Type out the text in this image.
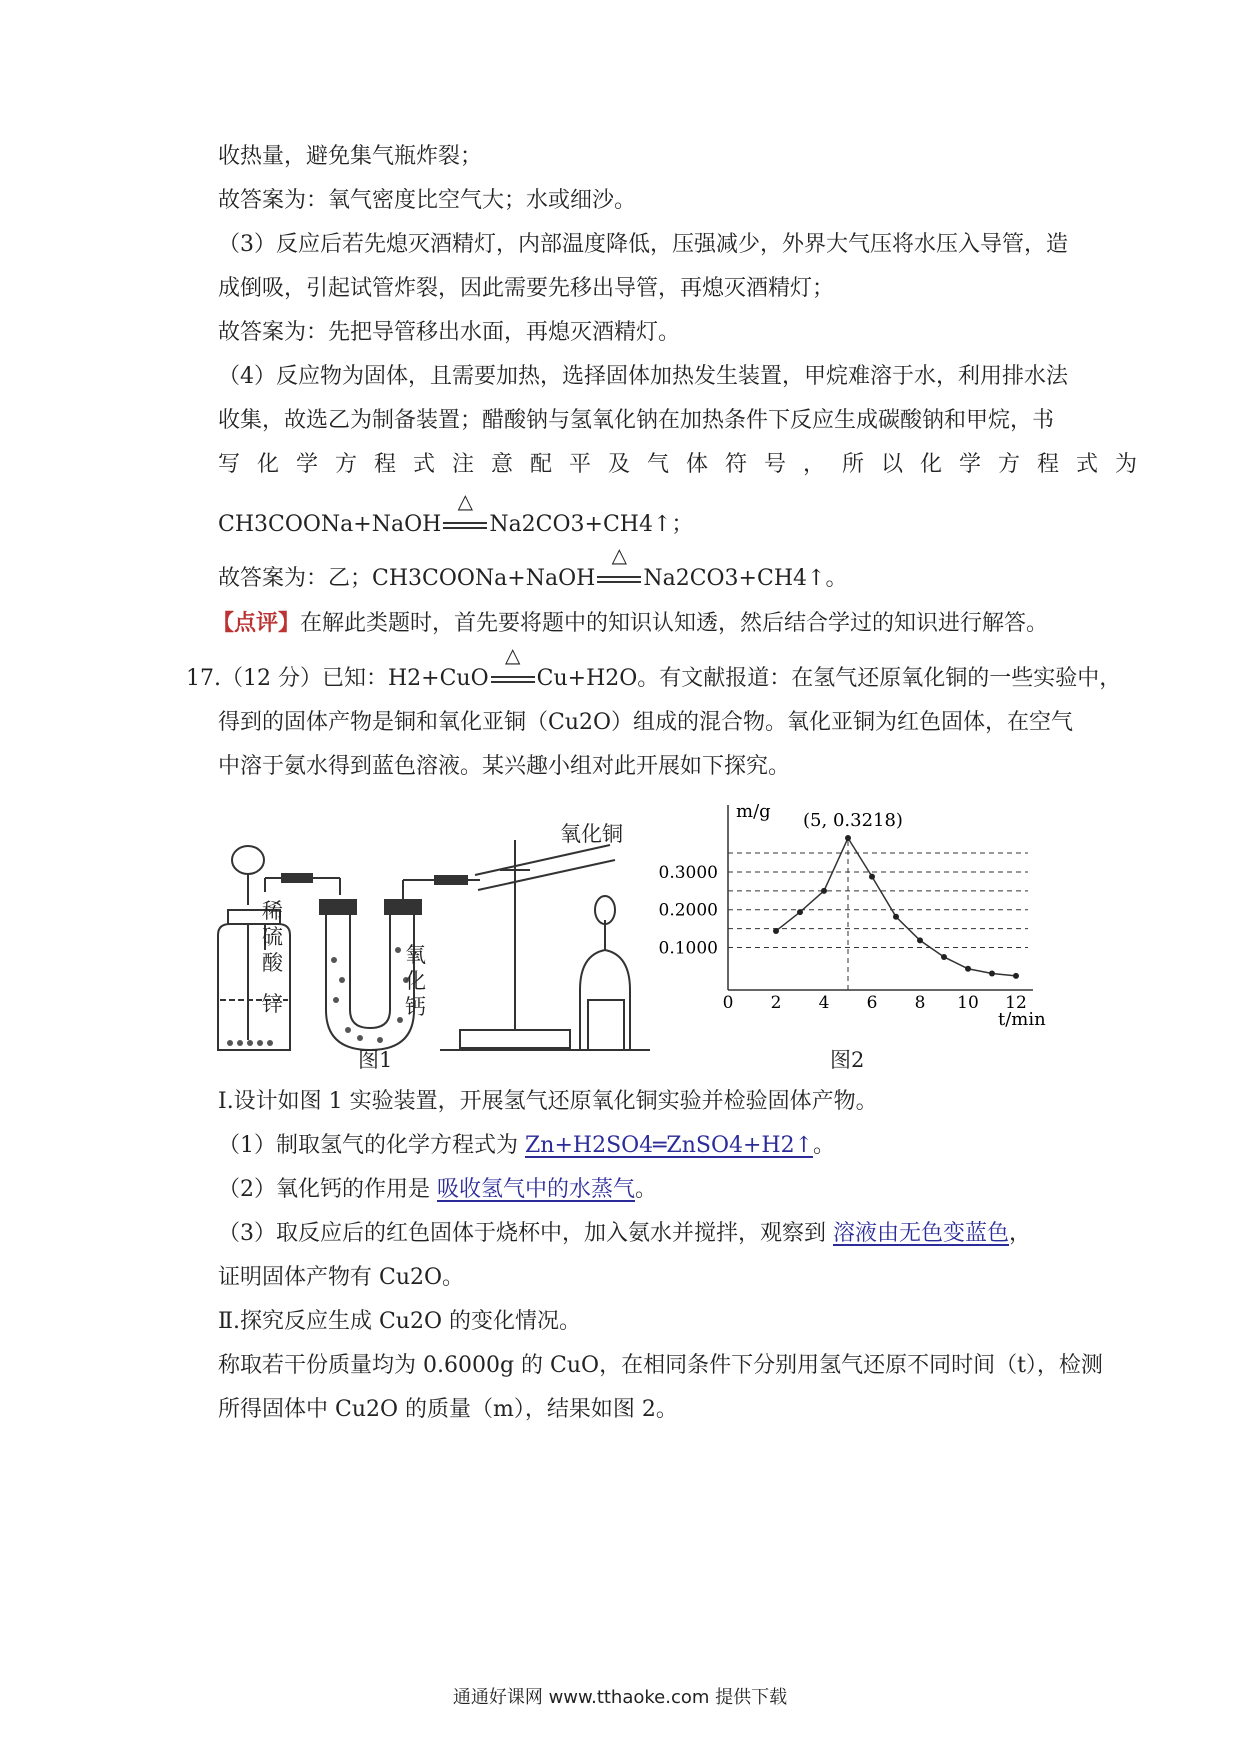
收热量，避免集气瓶炸裂；
故答案为：氧气密度比空气大；水或细沙。
（3）反应后若先熄灭酒精灯，内部温度降低，压强减少，外界大气压将水压入导管，造
成倒吸，引起试管炸裂，因此需要先移出导管，再熄灭酒精灯；
故答案为：先把导管移出水面，再熄灭酒精灯。
（4）反应物为固体，且需要加热，选择固体加热发生装置，甲烷难溶于水，利用排水法
收集，故选乙为制备装置；醋酸钠与氢氧化钠在加热条件下反应生成碳酸钠和甲烷，书
写化学方程式注意配平及气体符号，所以化学方程式为
CH3COONa+NaOH
△
Na2CO3+CH4↑；
故答案为：乙；CH3COONa+NaOH
△
Na2CO3+CH4↑。
【点评】在解此类题时，首先要将题中的知识认知透，然后结合学过的知识进行解答。
17.（12 分）已知：H2+CuO
△
Cu+H2O。有文献报道：在氢气还原氧化铜的一些实验中，
得到的固体产物是铜和氧化亚铜（Cu2O）组成的混合物。氧化亚铜为红色固体，在空气
中溶于氨水得到蓝色溶液。某兴趣小组对此开展如下探究。
稀
硫
酸
锌
氧
化
钙
氧化铜
图1
m/g
t/min
0 2 4 6 8 10 12
0.1000
0.2000
0.3000
(5, 0.3218)
图2
Ⅰ.设计如图 1 实验装置，开展氢气还原氧化铜实验并检验固体产物。
（1）制取氢气的化学方程式为 Zn+H2SO4═ZnSO4+H2↑。
（2）氧化钙的作用是 吸收氢气中的水蒸气。
（3）取反应后的红色固体于烧杯中，加入氨水并搅拌，观察到 溶液由无色变蓝色，
证明固体产物有 Cu2O。
Ⅱ.探究反应生成 Cu2O 的变化情况。
称取若干份质量均为 0.6000g 的 CuO，在相同条件下分别用氢气还原不同时间（t），检测
所得固体中 Cu2O 的质量（m），结果如图 2。
通通好课网 www.tthaoke.com 提供下载
